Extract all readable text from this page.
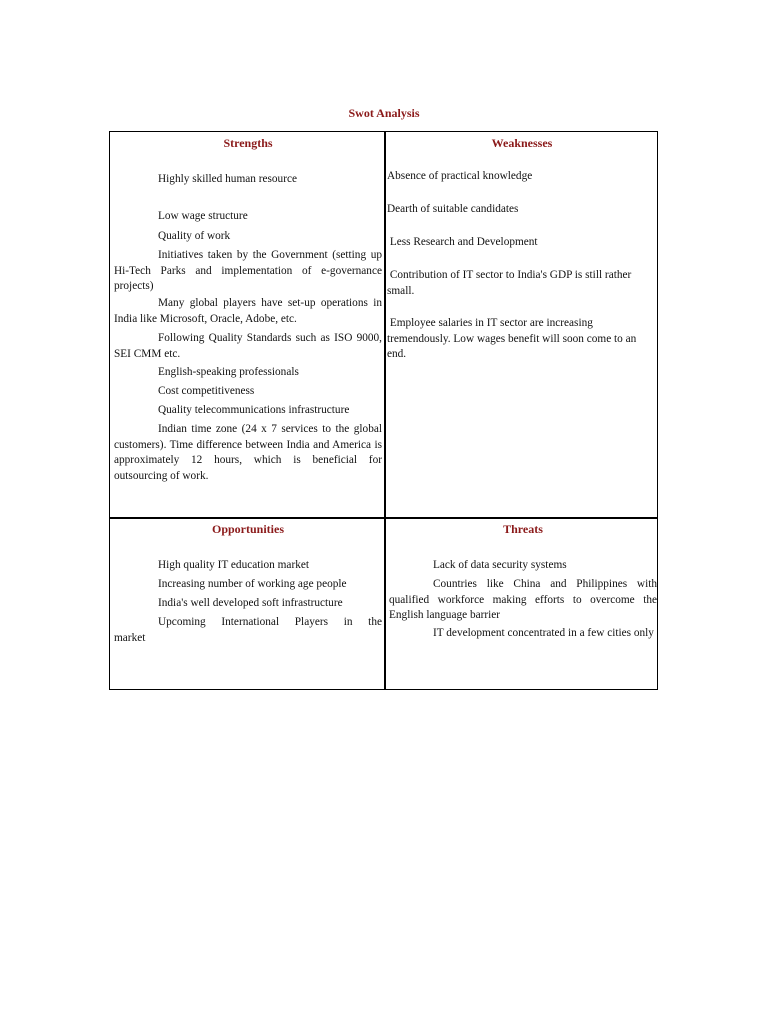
Swot Analysis
Strengths

Highly skilled human resource

Low wage structure

Quality of work

Initiatives taken by the Government (setting up Hi-Tech Parks and implementation of e-governance projects)

Many global players have set-up operations in India like Microsoft, Oracle, Adobe, etc.

Following Quality Standards such as ISO 9000, SEI CMM etc.

English-speaking professionals

Cost competitiveness

Quality telecommunications infrastructure

Indian time zone (24 x 7 services to the global customers). Time difference between India and America is approximately 12 hours, which is beneficial for outsourcing of work.

Weaknesses

Absence of practical knowledge

Dearth of suitable candidates

Less Research and Development

Contribution of IT sector to India's GDP is still rather small.

Employee salaries in IT sector are increasing tremendously. Low wages benefit will soon come to an end.

Opportunities

High quality IT education market

Increasing number of working age people

India's well developed soft infrastructure

Upcoming International Players in the market

Threats

Lack of data security systems

Countries like China and Philippines with qualified workforce making efforts to overcome the English language barrier

IT development concentrated in a few cities only
